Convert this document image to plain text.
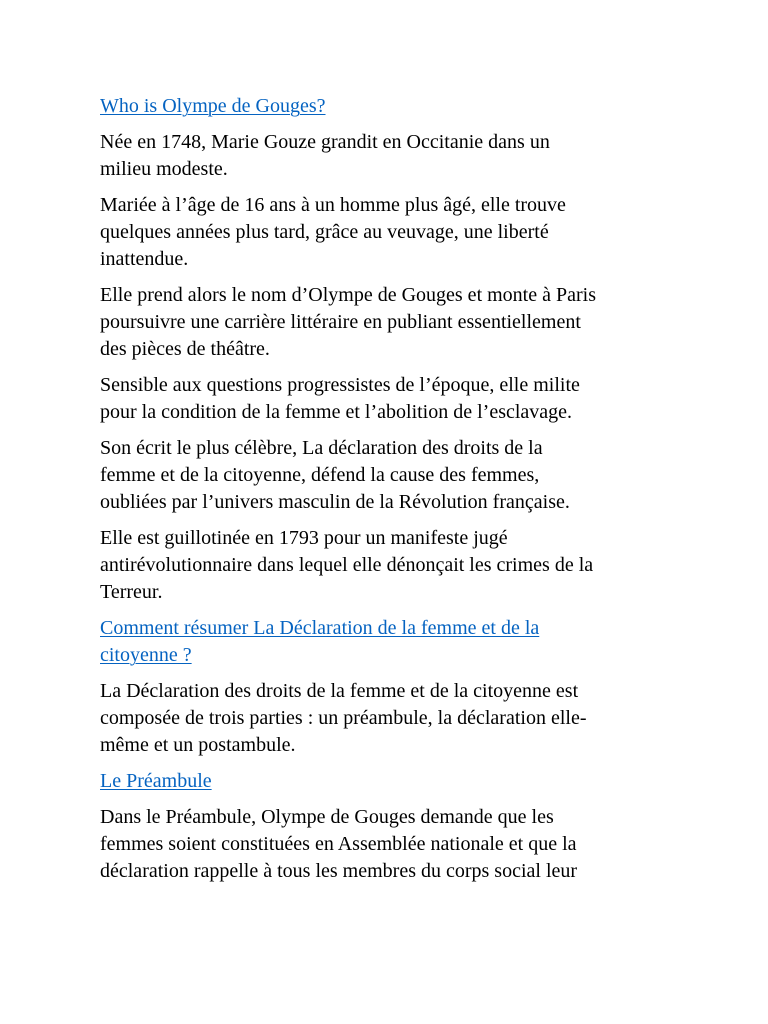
Who is Olympe de Gouges?
Née en 1748, Marie Gouze grandit en Occitanie dans un
milieu modeste.
Mariée à l’âge de 16 ans à un homme plus âgé, elle trouve
quelques années plus tard, grâce au veuvage, une liberté
inattendue.
Elle prend alors le nom d’Olympe de Gouges et monte à Paris
poursuivre une carrière littéraire en publiant essentiellement
des pièces de théâtre.
Sensible aux questions progressistes de l’époque, elle milite
pour la condition de la femme et l’abolition de l’esclavage.
Son écrit le plus célèbre, La déclaration des droits de la
femme et de la citoyenne, défend la cause des femmes,
oubliées par l’univers masculin de la Révolution française.
Elle est guillotinée en 1793 pour un manifeste jugé
antirévolutionnaire dans lequel elle dénonçait les crimes de la
Terreur.
Comment résumer La Déclaration de la femme et de la
citoyenne ?
La Déclaration des droits de la femme et de la citoyenne est
composée de trois parties : un préambule, la déclaration elle-
même et un postambule.
Le Préambule
Dans le Préambule, Olympe de Gouges demande que les
femmes soient constituées en Assemblée nationale et que la
déclaration rappelle à tous les membres du corps social leur
